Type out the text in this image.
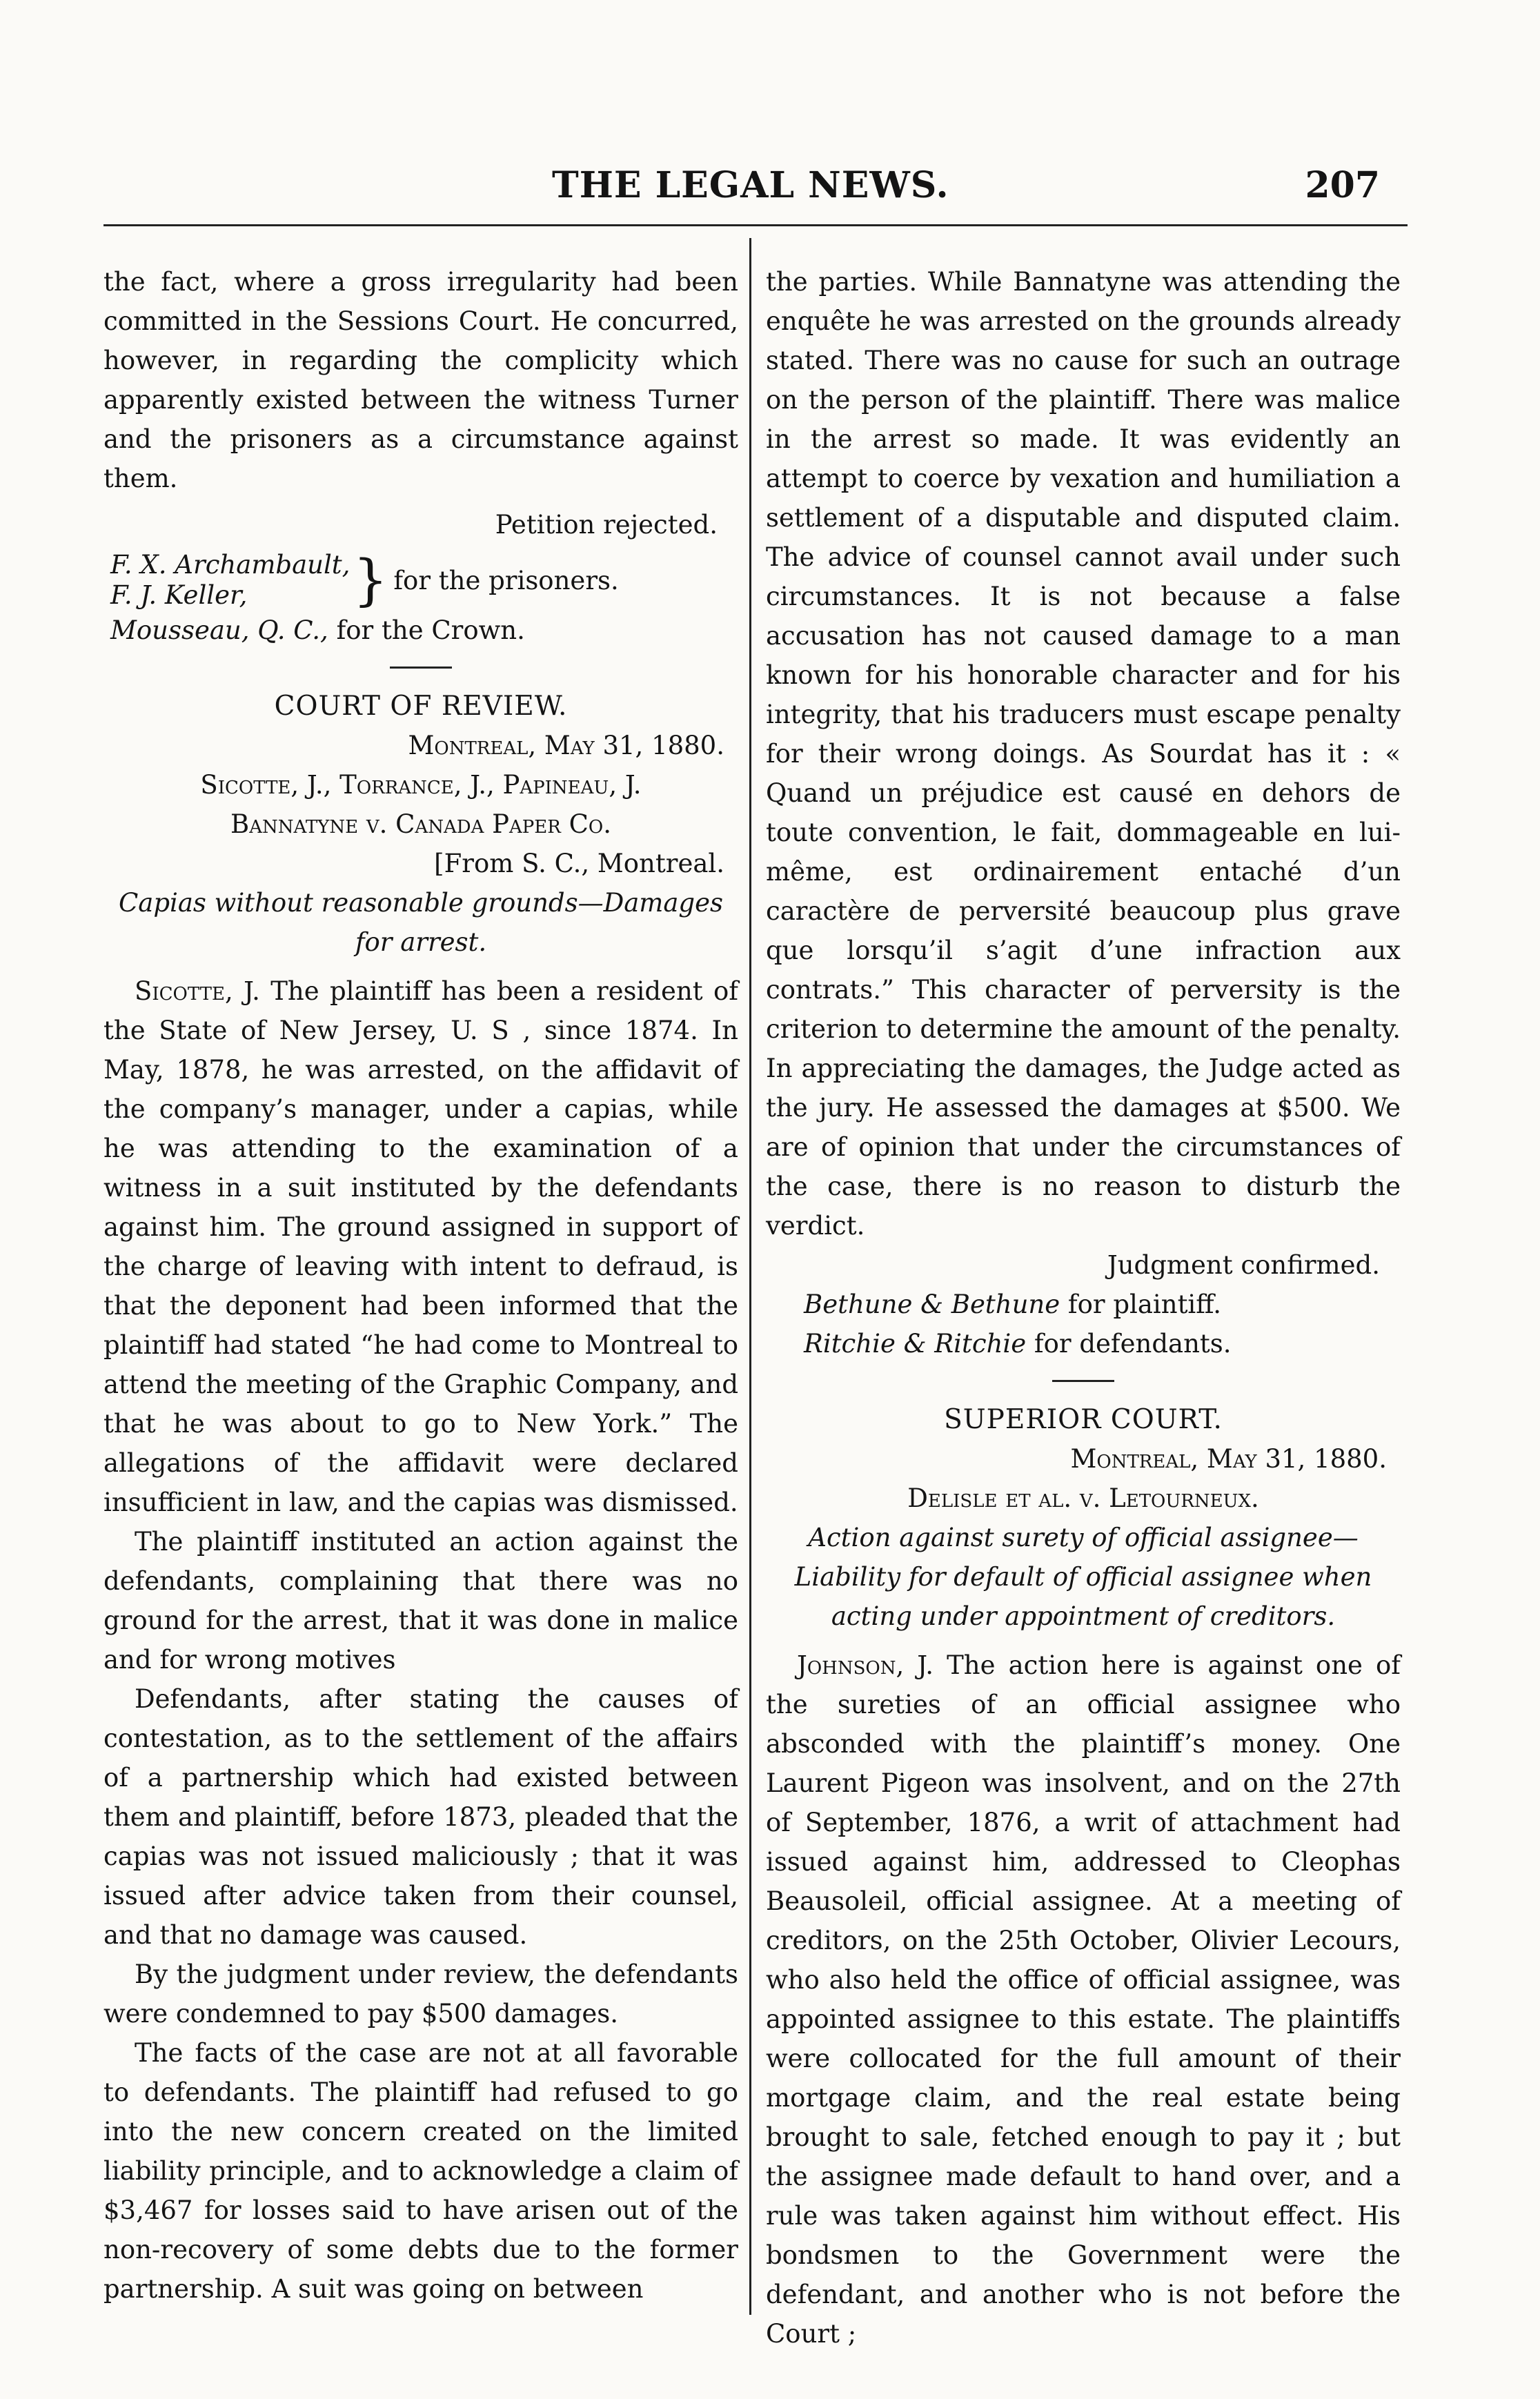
THE LEGAL NEWS.	207

the fact, where a gross irregularity had been committed in the Sessions Court. He concurred, however, in regarding the complicity which apparently existed between the witness Turner and the prisoners as a circumstance against them.

Petition rejected.

F. X. Archambault,
F. J. Keller,	} for the prisoners.

Mousseau, Q. C., for the Crown.

COURT OF REVIEW.

Montreal, May 31, 1880.

Sicotte, J., Torrance, J., Papineau, J.

Bannatyne v. Canada Paper Co.

[From S. C., Montreal.

Capias without reasonable grounds—Damages for arrest.

Sicotte, J. The plaintiff has been a resident of the State of New Jersey, U. S , since 1874. In May, 1878, he was arrested, on the affidavit of the company’s manager, under a capias, while he was attending to the examination of a witness in a suit instituted by the defendants against him. The ground assigned in support of the charge of leaving with intent to defraud, is that the deponent had been informed that the plaintiff had stated “he had come to Montreal to attend the meeting of the Graphic Company, and that he was about to go to New York.” The allegations of the affidavit were declared insufficient in law, and the capias was dismissed.

The plaintiff instituted an action against the defendants, complaining that there was no ground for the arrest, that it was done in malice and for wrong motives

Defendants, after stating the causes of contestation, as to the settlement of the affairs of a partnership which had existed between them and plaintiff, before 1873, pleaded that the capias was not issued maliciously ; that it was issued after advice taken from their counsel, and that no damage was caused.

By the judgment under review, the defendants were condemned to pay $500 damages.

The facts of the case are not at all favorable to defendants. The plaintiff had refused to go into the new concern created on the limited liability principle, and to acknowledge a claim of $3,467 for losses said to have arisen out of the non-recovery of some debts due to the former partnership. A suit was going on between

the parties. While Bannatyne was attending the enquête he was arrested on the grounds already stated. There was no cause for such an outrage on the person of the plaintiff. There was malice in the arrest so made. It was evidently an attempt to coerce by vexation and humiliation a settlement of a disputable and disputed claim. The advice of counsel cannot avail under such circumstances. It is not because a false accusation has not caused damage to a man known for his honorable character and for his integrity, that his traducers must escape penalty for their wrong doings. As Sourdat has it : « Quand un préjudice est causé en dehors de toute convention, le fait, dommageable en lui-même, est ordinairement entaché d’un caractère de perversité beaucoup plus grave que lorsqu’il s’agit d’une infraction aux contrats.” This character of perversity is the criterion to determine the amount of the penalty. In appreciating the damages, the Judge acted as the jury. He assessed the damages at $500. We are of opinion that under the circumstances of the case, there is no reason to disturb the verdict.

Judgment confirmed.

Bethune & Bethune for plaintiff.

Ritchie & Ritchie for defendants.

SUPERIOR COURT.

Montreal, May 31, 1880.

Delisle et al. v. Letourneux.

Action against surety of official assignee—Liability for default of official assignee when acting under appointment of creditors.

Johnson, J. The action here is against one of the sureties of an official assignee who absconded with the plaintiff’s money. One Laurent Pigeon was insolvent, and on the 27th of September, 1876, a writ of attachment had issued against him, addressed to Cleophas Beausoleil, official assignee. At a meeting of creditors, on the 25th October, Olivier Lecours, who also held the office of official assignee, was appointed assignee to this estate. The plaintiffs were collocated for the full amount of their mortgage claim, and the real estate being brought to sale, fetched enough to pay it ; but the assignee made default to hand over, and a rule was taken against him without effect. His bondsmen to the Government were the defendant, and another who is not before the Court ;
